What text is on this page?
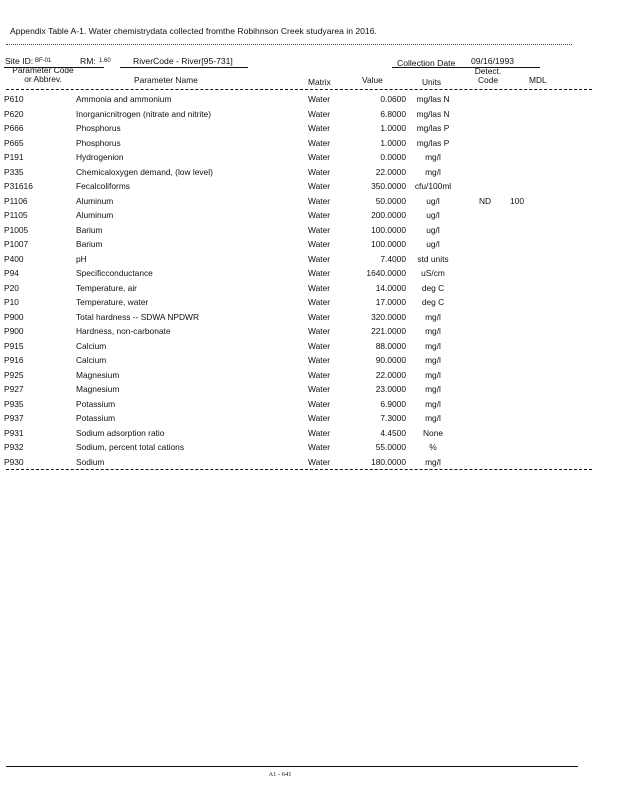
Appendix Table A-1. Water chemistrydata collected fromthe Robihnson Creek studyarea in 2016.
Site ID: BF-01	RM: 1.60	RiverCode - River[95-731]	Collection Date 09/16/1993
Parameter Code
or Abbrev.	Parameter Name	Matrix	Value	Units
Detect.
Code	MDL
P610	Ammonia and ammonium	Water	0.0600	mg/las N		
P620	Inorganicnitrogen (nitrate and nitrite)	Water	6.8000	mg/las N		
P666	Phosphorus	Water	1.0000	mg/las P		
P665	Phosphorus	Water	1.0000	mg/las P		
P191	Hydrogenion	Water	0.0000	mg/l		
P335	Chemicaloxygen demand, (low level)	Water	22.0000	mg/l		
P31616	Fecalcoliforms	Water	350.0000	cfu/100ml		
P1106	Aluminum	Water	50.0000	ug/l	ND	100
P1105	Aluminum	Water	200.0000	ug/l		
P1005	Barium	Water	100.0000	ug/l		
P1007	Barium	Water	100.0000	ug/l		
P400	pH	Water	7.4000	std units		
P94	Specificconductance	Water	1640.0000	uS/cm		
P20	Temperature, air	Water	14.0000	deg C		
P10	Temperature, water	Water	17.0000	deg C		
P900	Total hardness -- SDWA NPDWR	Water	320.0000	mg/l		
P900	Hardness, non-carbonate	Water	221.0000	mg/l		
P915	Calcium	Water	88.0000	mg/l		
P916	Calcium	Water	90.0000	mg/l		
P925	Magnesium	Water	22.0000	mg/l		
P927	Magnesium	Water	23.0000	mg/l		
P935	Potassium	Water	6.9000	mg/l		
P937	Potassium	Water	7.3000	mg/l		
P931	Sodium adsorption ratio	Water	4.4500	None		
P932	Sodium, percent total cations	Water	55.0000	%		
P930	Sodium	Water	180.0000	mg/l		
A1 - 641
